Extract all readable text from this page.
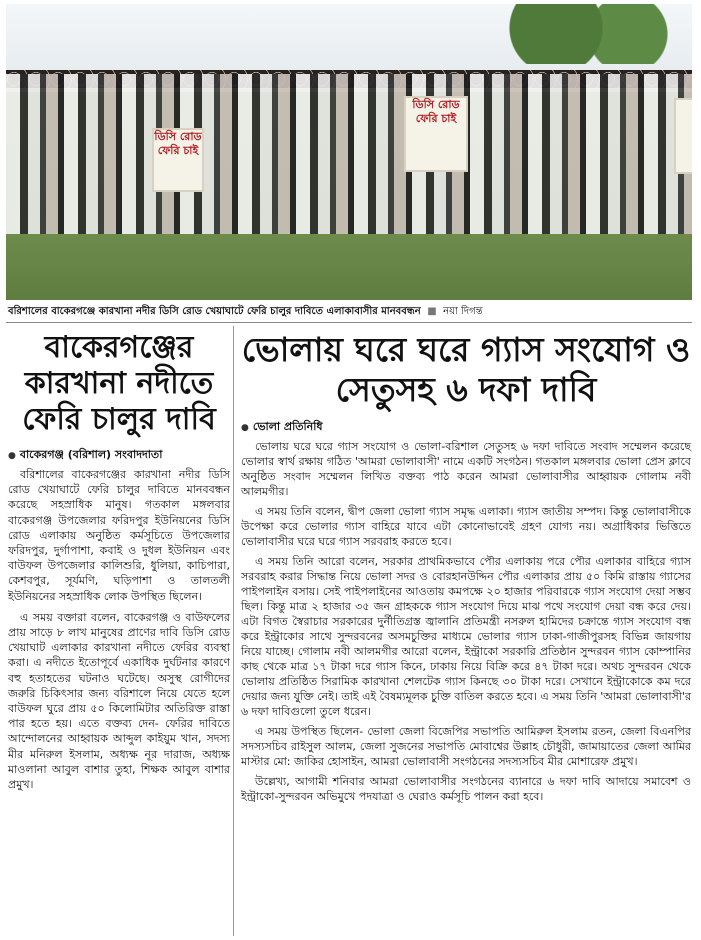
ডিসি রোড ফেরি চাই
ডিসি রোড ফেরি চাই
বরিশালের বাকেরগঞ্জে কারখানা নদীর ডিসি রোড খেয়াঘাটে ফেরি চালুর দাবিতে এলাকাবাসীর মানববন্ধন ■ নয়া দিগন্ত
বাকেরগঞ্জের কারখানা নদীতে ফেরি চালুর দাবি
● বাকেরগঞ্জ (বরিশাল) সংবাদদাতা

বরিশালের বাকেরগঞ্জের কারখানা নদীর ডিসি রোড খেয়াঘাটে ফেরি চালুর দাবিতে মানববন্ধন করেছে সহস্রাধিক মানুষ। গতকাল মঙ্গলবার বাকেরগঞ্জ উপজেলার ফরিদপুর ইউনিয়নের ডিসি রোড এলাকায় অনুষ্ঠিত কর্মসূচিতে উপজেলার ফরিদপুর, দুর্গাপাশা, কবাই ও দুধল ইউনিয়ন এবং বাউফল উপজেলার কালিশুরি, ধুলিয়া, কাচিপারা, কেশবপুর, সূর্যমণি, ঘড়িপাশা ও তালতলী ইউনিয়নের সহস্রাধিক লোক উপস্থিত ছিলেন।

এ সময় বক্তারা বলেন, বাকেরগঞ্জ ও বাউফলের প্রায় সাড়ে ৮ লাখ মানুষের প্রাণের দাবি ডিসি রোড খেয়াঘাট এলাকার কারখানা নদীতে ফেরির ব্যবস্থা করা। এ নদীতে ইতোপূর্বে একাধিক দুর্ঘটনার কারণে বহু হতাহতের ঘটনাও ঘটেছে। অসুস্থ রোগীদের জরুরি চিকিৎসার জন্য বরিশালে নিয়ে যেতে হলে বাউফল ঘুরে প্রায় ৫০ কিলোমিটার অতিরিক্ত রাস্তা পার হতে হয়। এতে বক্তব্য দেন- ফেরির দাবিতে আন্দোলনের আহ্বায়ক আব্দুল কাইয়ুম খান, সদস্য মীর মনিরুল ইসলাম, অধ্যক্ষ নূর দারাজ, অধ্যক্ষ মাওলানা আবুল বাশার তুহা, শিক্ষক আবুল বাশার প্রমুখ।

ভোলায় ঘরে ঘরে গ্যাস সংযোগ ও সেতুসহ ৬ দফা দাবি
● ভোলা প্রতিনিধি

ভোলায় ঘরে ঘরে গ্যাস সংযোগ ও ভোলা-বরিশাল সেতুসহ ৬ দফা দাবিতে সংবাদ সম্মেলন করেছে ভোলার স্বার্থ রক্ষায় গঠিত 'আমরা ভোলাবাসী' নামে একটি সংগঠন। গতকাল মঙ্গলবার ভোলা প্রেস ক্লাবে অনুষ্ঠিত সংবাদ সম্মেলন লিখিত বক্তব্য পাঠ করেন আমরা ভোলাবাসীর আহ্বায়ক গোলাম নবী আলমগীর।

এ সময় তিনি বলেন, দ্বীপ জেলা ভোলা গ্যাস সমৃদ্ধ এলাকা। গ্যাস জাতীয় সম্পদ। কিন্তু ভোলাবাসীকে উপেক্ষা করে ভোলার গ্যাস বাহিরে যাবে এটা কোনোভাবেই গ্রহণ যোগ্য নয়। অগ্রাধিকার ভিত্তিতে ভোলাবাসীর ঘরে ঘরে গ্যাস সরবরাহ করতে হবে।

এ সময় তিনি আরো বলেন, সরকার প্রাথমিকভাবে পৌর এলাকায় পরে পৌর এলাকার বাহিরে গ্যাস সরবরাহ করার সিদ্ধান্ত নিয়ে ভোলা সদর ও বোরহানউদ্দিন পৌর এলাকার প্রায় ৫০ কিমি রাস্তায় গ্যাসের পাইপলাইন বসায়। সেই পাইপলাইনের আওতায় কমপক্ষে ২০ হাজার পরিবারকে গ্যাস সংযোগ দেয়া সম্ভব ছিল। কিন্তু মাত্র ২ হাজার ৩৫ জন গ্রাহককে গ্যাস সংযোগ দিয়ে মাঝ পথে সংযোগ দেয়া বন্ধ করে দেয়। এটা বিগত স্বৈরাচার সরকারের দুর্নীতিগ্রস্ত জ্বালানি প্রতিমন্ত্রী নসরুল হামিদের চক্রান্তে গ্যাস সংযোগ বন্ধ করে ইন্ট্রাকোর সাথে সুন্দরবনের অসমচুক্তির মাধ্যমে ভোলার গ্যাস ঢাকা-গাজীপুরসহ বিভিন্ন জায়গায় নিয়ে যাচ্ছে। গোলাম নবী আলমগীর আরো বলেন, ইন্ট্রাকো সরকারি প্রতিষ্ঠান সুন্দরবন গ্যাস কোম্পানির কাছ থেকে মাত্র ১৭ টাকা দরে গ্যাস কিনে, ঢাকায় নিয়ে বিক্রি করে ৪৭ টাকা দরে। অথচ সুন্দরবন থেকে ভোলায় প্রতিষ্ঠিত সিরামিক কারখানা শেলটেক গ্যাস কিনছে ৩০ টাকা দরে। সেখানে ইন্ট্রাকোকে কম দরে দেয়ার জন্য যুক্তি নেই। তাই এই বৈষম্যমূলক চুক্তি বাতিল করতে হবে। এ সময় তিনি 'আমরা ভোলাবাসী'র ৬ দফা দাবিগুলো তুলে ধরেন।

এ সময় উপস্থিত ছিলেন- ভোলা জেলা বিজেপির সভাপতি আমিরুল ইসলাম রতন, জেলা বিএনপির সদস্যসচিব রাইসুল আলম, জেলা সুজনের সভাপতি মোবাশ্বের উল্লাহ চৌধুরী, জামায়াতের জেলা আমির মাস্টার মো: জাকির হোসাইন, আমরা ভোলাবাসী সংগঠনের সদস্যসচিব মীর মোশারেফ প্রমুখ।

উল্লেখ্য, আগামী শনিবার আমরা ভোলাবাসীর সংগঠনের ব্যানারে ৬ দফা দাবি আদায়ে সমাবেশ ও ইন্ট্রাকো-সুন্দরবন অভিমুখে পদযাত্রা ও ঘেরাও কর্মসূচি পালন করা হবে।
